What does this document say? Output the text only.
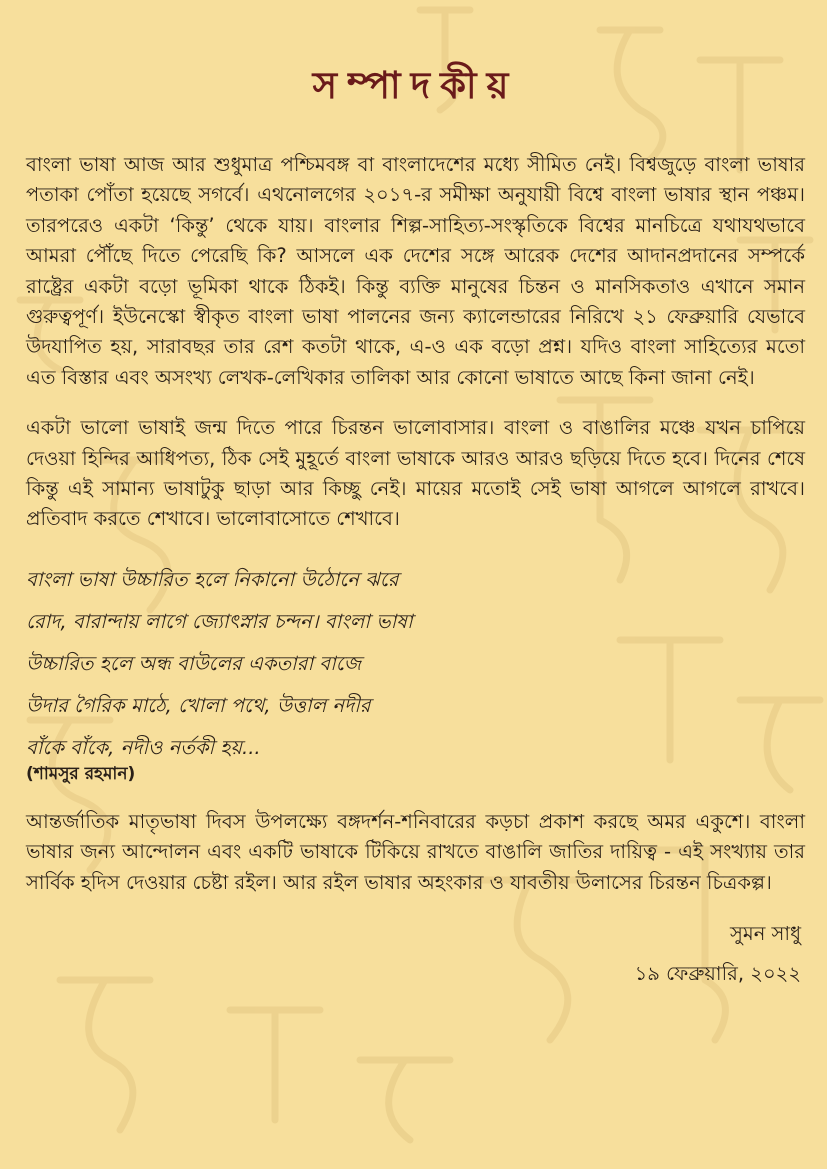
সম্পাদকীয়

বাংলা ভাষা আজ আর শুধুমাত্র পশ্চিমবঙ্গ বা বাংলাদেশের মধ্যে সীমিত নেই। বিশ্বজুড়ে বাংলা ভাষার পতাকা পোঁতা হয়েছে সগর্বে। এথনোলগের ২০১৭-র সমীক্ষা অনুযায়ী বিশ্বে বাংলা ভাষার স্থান পঞ্চম। তারপরেও একটা ‘কিন্তু’ থেকে যায়। বাংলার শিল্প-সাহিত্য-সংস্কৃতিকে বিশ্বের মানচিত্রে যথাযথভাবে আমরা পৌঁছে দিতে পেরেছি কি? আসলে এক দেশের সঙ্গে আরেক দেশের আদানপ্রদানের সম্পর্কে রাষ্ট্রের একটা বড়ো ভূমিকা থাকে ঠিকই। কিন্তু ব্যক্তি মানুষের চিন্তন ও মানসিকতাও এখানে সমান গুরুত্বপূর্ণ। ইউনেস্কো স্বীকৃত বাংলা ভাষা পালনের জন্য ক্যালেন্ডারের নিরিখে ২১ ফেব্রুয়ারি যেভাবে উদযাপিত হয়, সারাবছর তার রেশ কতটা থাকে, এ-ও এক বড়ো প্রশ্ন। যদিও বাংলা সাহিত্যের মতো এত বিস্তার এবং অসংখ্য লেখক-লেখিকার তালিকা আর কোনো ভাষাতে আছে কিনা জানা নেই।

একটা ভালো ভাষাই জন্ম দিতে পারে চিরন্তন ভালোবাসার। বাংলা ও বাঙালির মঞ্চে যখন চাপিয়ে দেওয়া হিন্দির আধিপত্য, ঠিক সেই মুহূর্তে বাংলা ভাষাকে আরও আরও ছড়িয়ে দিতে হবে। দিনের শেষে কিন্তু এই সামান্য ভাষাটুকু ছাড়া আর কিচ্ছু নেই। মায়ের মতোই সেই ভাষা আগলে আগলে রাখবে। প্রতিবাদ করতে শেখাবে। ভালোবাসোতে শেখাবে।

বাংলা ভাষা উচ্চারিত হলে নিকানো উঠোনে ঝরে
রোদ, বারান্দায় লাগে জ্যোৎস্নার চন্দন। বাংলা ভাষা
উচ্চারিত হলে অন্ধ বাউলের একতারা বাজে
উদার গৈরিক মাঠে, খোলা পথে, উত্তাল নদীর
বাঁকে বাঁকে, নদীও নর্তকী হয়...
(শামসুর রহমান)

আন্তর্জাতিক মাতৃভাষা দিবস উপলক্ষ্যে বঙ্গদর্শন-শনিবারের কড়চা প্রকাশ করছে অমর একুশে। বাংলা ভাষার জন্য আন্দোলন এবং একটি ভাষাকে টিকিয়ে রাখতে বাঙালি জাতির দায়িত্ব - এই সংখ্যায় তার সার্বিক হদিস দেওয়ার চেষ্টা রইল। আর রইল ভাষার অহংকার ও যাবতীয় উলাসের চিরন্তন চিত্রকল্প।

সুমন সাধু
১৯ ফেব্রুয়ারি, ২০২২
